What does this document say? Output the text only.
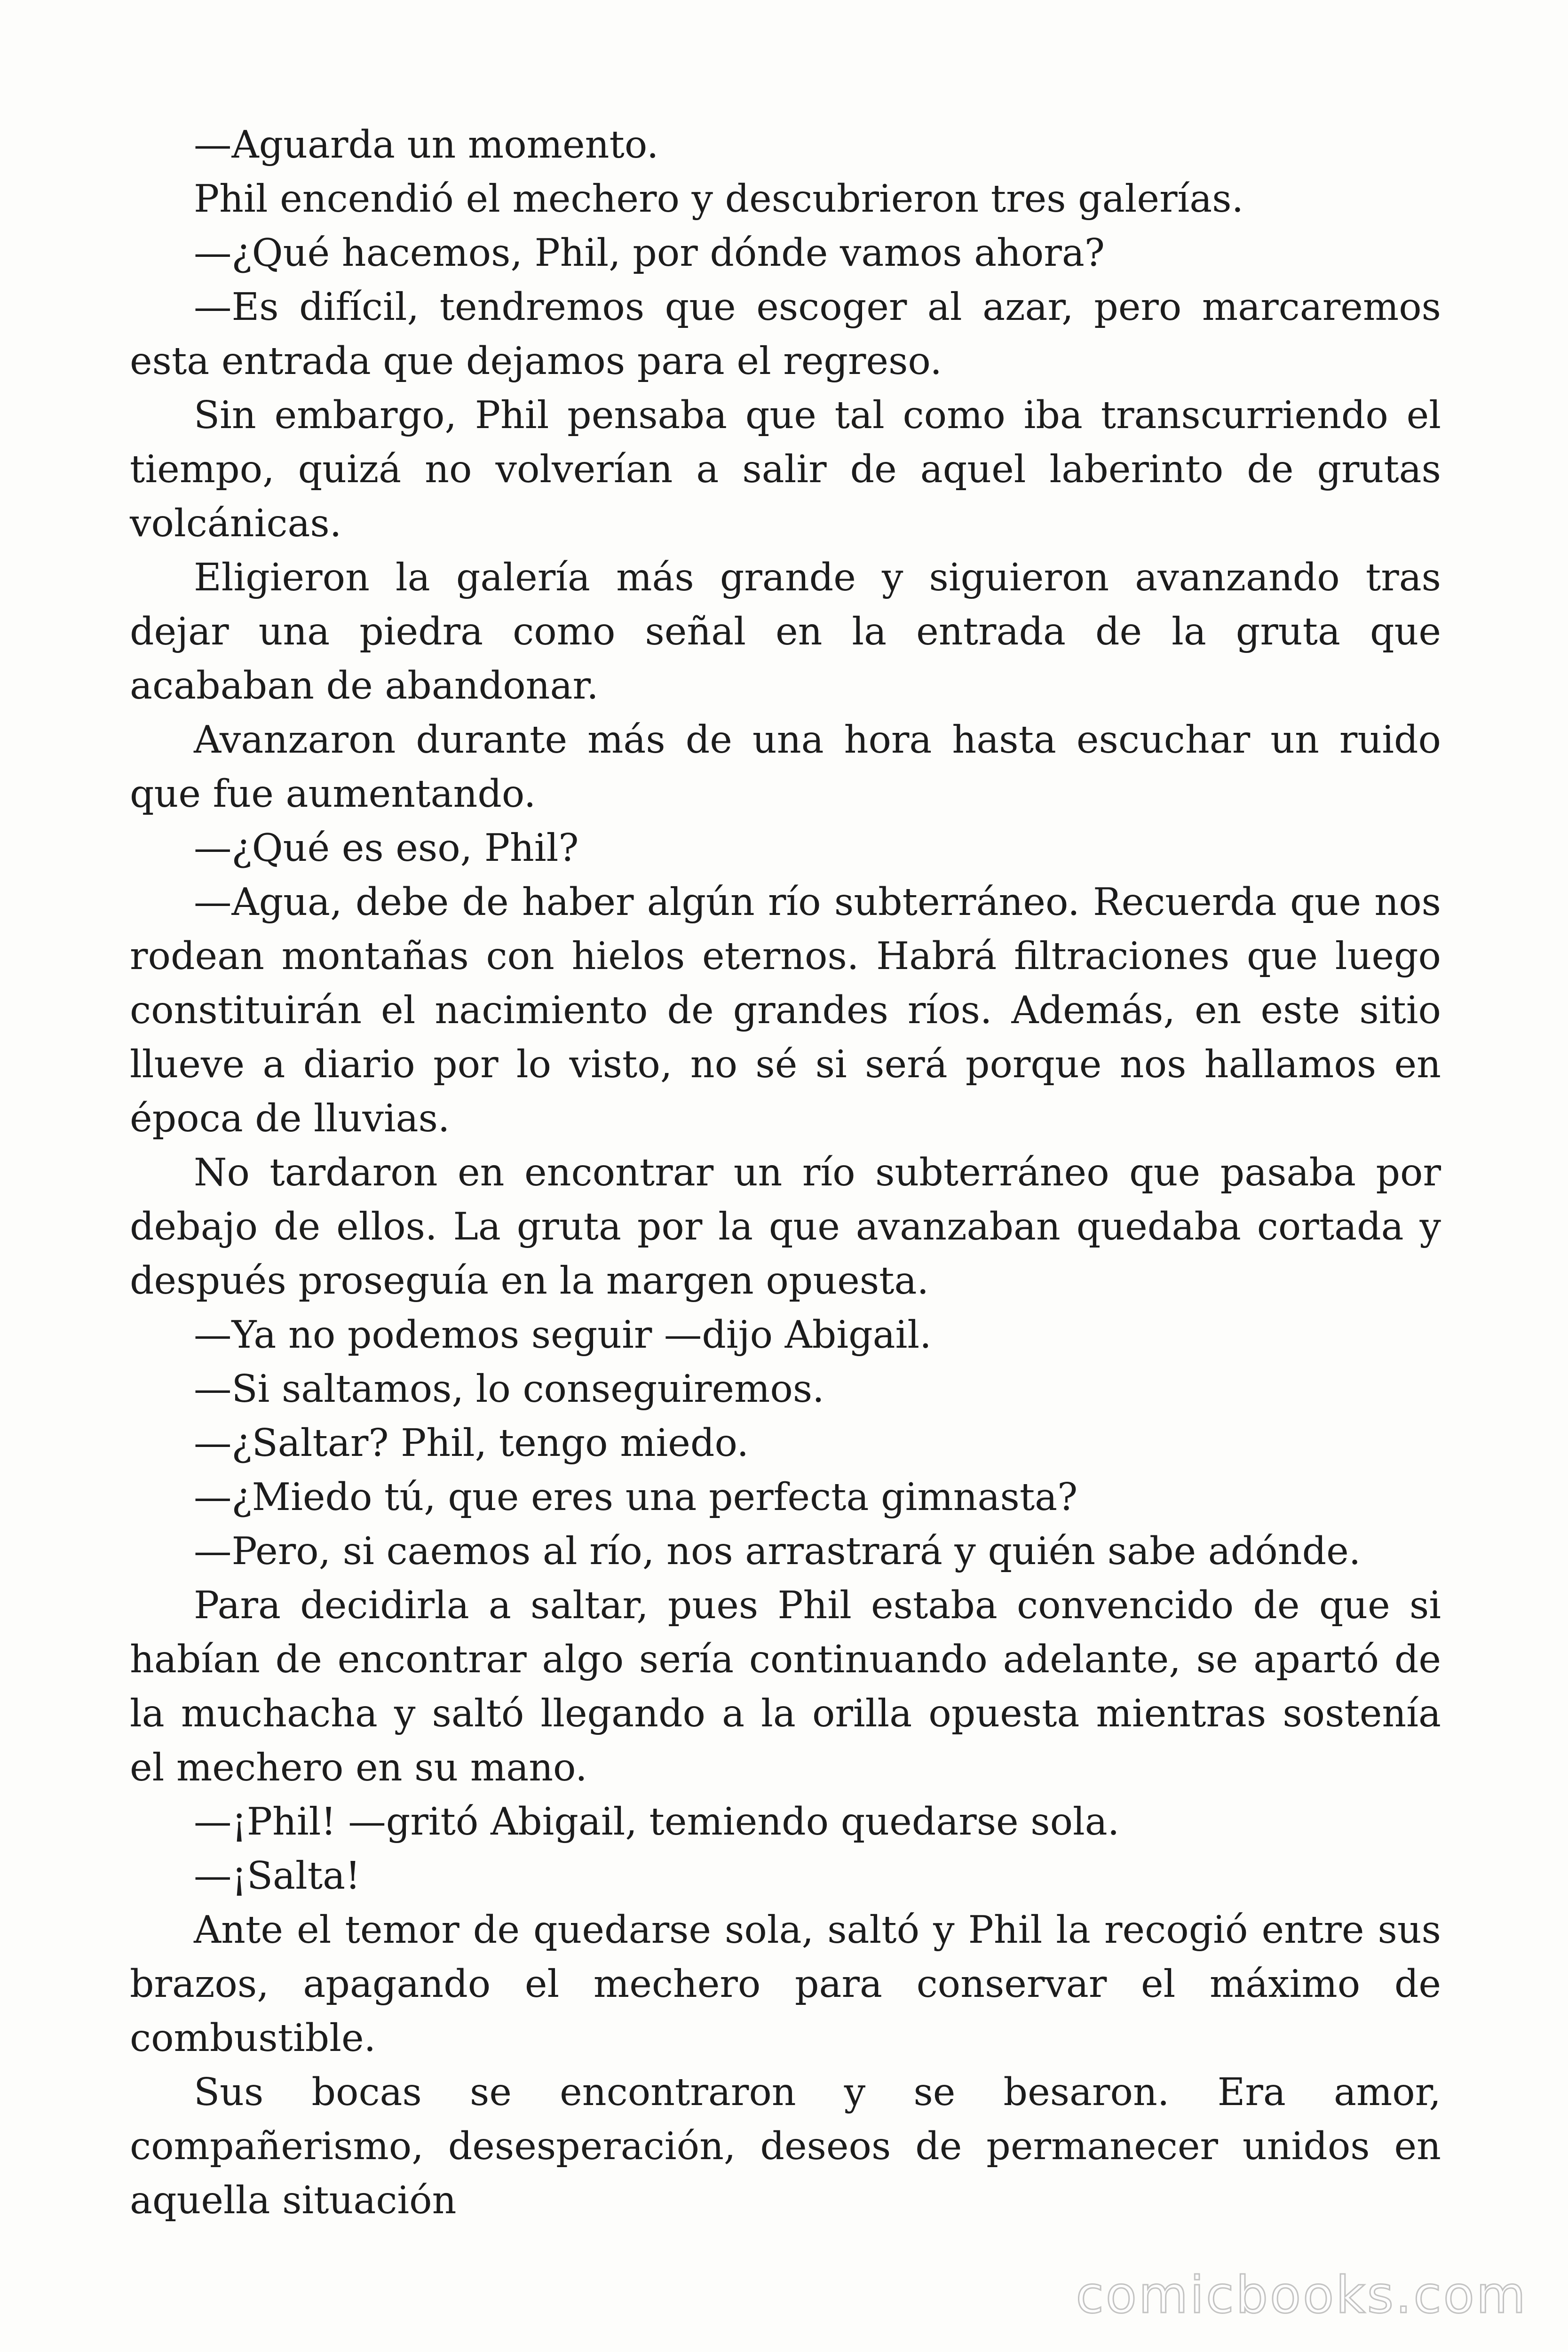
—Aguarda un momento.

Phil encendió el mechero y descubrieron tres galerías.

—¿Qué hacemos, Phil, por dónde vamos ahora?

—Es difícil, tendremos que escoger al azar, pero marcaremos esta entrada que dejamos para el regreso.

Sin embargo, Phil pensaba que tal como iba transcurriendo el tiempo, quizá no volverían a salir de aquel laberinto de grutas volcánicas.

Eligieron la galería más grande y siguieron avanzando tras dejar una piedra como señal en la entrada de la gruta que acababan de abandonar.

Avanzaron durante más de una hora hasta escuchar un ruido que fue aumentando.

—¿Qué es eso, Phil?

—Agua, debe de haber algún río subterráneo. Recuerda que nos rodean montañas con hielos eternos. Habrá filtraciones que luego constituirán el nacimiento de grandes ríos. Además, en este sitio llueve a diario por lo visto, no sé si será porque nos hallamos en época de lluvias.

No tardaron en encontrar un río subterráneo que pasaba por debajo de ellos. La gruta por la que avanzaban quedaba cortada y después proseguía en la margen opuesta.

—Ya no podemos seguir —dijo Abigail.

—Si saltamos, lo conseguiremos.

—¿Saltar? Phil, tengo miedo.

—¿Miedo tú, que eres una perfecta gimnasta?

—Pero, si caemos al río, nos arrastrará y quién sabe adónde.

Para decidirla a saltar, pues Phil estaba convencido de que si habían de encontrar algo sería continuando adelante, se apartó de la muchacha y saltó llegando a la orilla opuesta mientras sostenía el mechero en su mano.

—¡Phil! —gritó Abigail, temiendo quedarse sola.

—¡Salta!

Ante el temor de quedarse sola, saltó y Phil la recogió entre sus brazos, apagando el mechero para conservar el máximo de combustible.

Sus bocas se encontraron y se besaron. Era amor, compañerismo, desesperación, deseos de permanecer unidos en aquella situación

comicbooks.com
